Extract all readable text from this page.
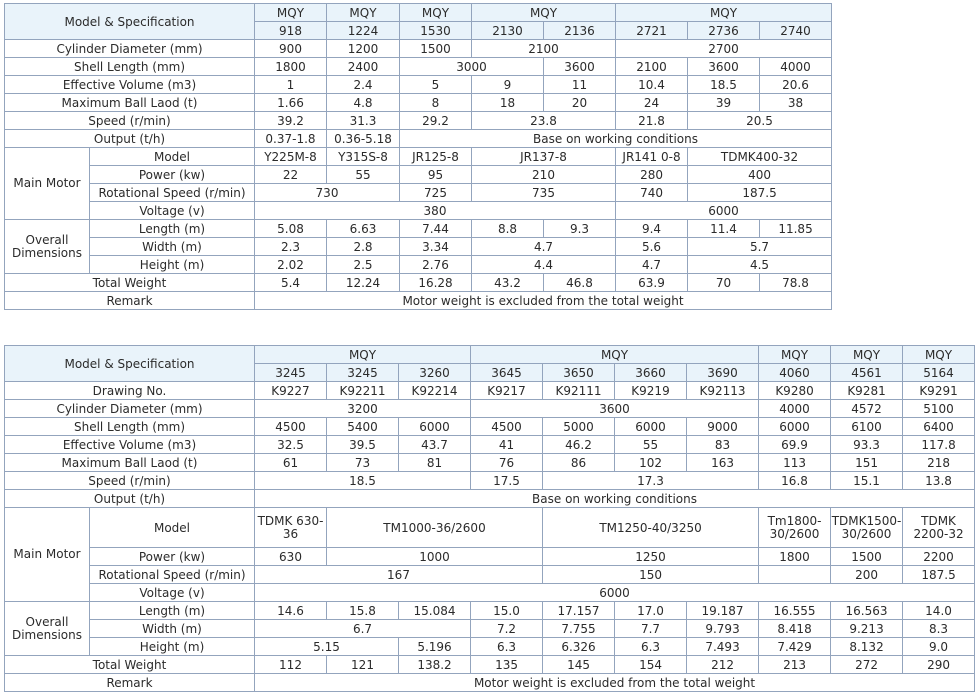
Model & Specification		MQY	MQY	MQY	MQY		MQY		
		918	1224	1530	2130	2136	2721	2736	2740
Cylinder Diameter (mm)		900	1200	1500	2100		2700		
Shell Length (mm)		1800	2400	3000		3600	2100	3600	4000
Effective Volume (m3)		1	2.4	5	9	11	10.4	18.5	20.6
Maximum Ball Laod (t)		1.66	4.8	8	18	20	24	39	38
Speed (r/min)		39.2	31.3	29.2	23.8		21.8	20.5	
Output (t/h)		0.37-1.8	0.36-5.18	Base on working conditions					
Main Motor	Model	Y225M-8	Y315S-8	JR125-8	JR137-8		JR141 0-8	TDMK400-32	
	Power (kw)	22	55	95	210		280	400	
	Rotational Speed (r/min)	730		725	735		740	187.5	
	Voltage (v)	380					6000		
Overall Dimensions	Length (m)	5.08	6.63	7.44	8.8	9.3	9.4	11.4	11.85
	Width (m)	2.3	2.8	3.34	4.7		5.6	5.7	
	Height (m)	2.02	2.5	2.76	4.4		4.7	4.5	
Total Weight		5.4	12.24	16.28	43.2	46.8	63.9	70	78.8
Remark		Motor weight is excluded from the total weight							
Model & Specification		MQY			MQY				MQY	MQY	MQY	
		3245	3245	3260	3645	3650	3660	3690	4060	4561	5164	
Drawing No.		K9227	K92211	K92214	K9217	K92111	K9219	K92113	K9280	K9281	K9291	
Cylinder Diameter (mm)		3200			3600				4000	4572	5100	
Shell Length (mm)		4500	5400	6000	4500	5000	6000	9000	6000	6100	6400	
Effective Volume (m3)		32.5	39.5	43.7	41	46.2	55	83	69.9	93.3	117.8	
Maximum Ball Laod (t)		61	73	81	76	86	102	163	113	151	218	
Speed (r/min)		18.5			17.5	17.3			16.8	15.1	13.8	
Output (t/h)		Base on working conditions										
Main Motor	Model	TDMK 630-36	TM1000-36/2600			TM1250-40/3250			Tm1800-30/2600	TDMK1500-30/2600	TDMK 2200-32	
	Power (kw)	630	1000			1250			1800	1500	2200	
	Rotational Speed (r/min)	167				150				200	187.5	
	Voltage (v)	6000										
Overall Dimensions	Length (m)	14.6	15.8	15.084	15.0	17.157	17.0	19.187	16.555	16.563	14.0	
	Width (m)	6.7			7.2	7.755	7.7	9.793	8.418	9.213	8.3	
	Height (m)	5.15		5.196	6.3	6.326	6.3	7.493	7.429	8.132	9.0	
Total Weight		112	121	138.2	135	145	154	212	213	272	290	
Remark		Motor weight is excluded from the total weight										
